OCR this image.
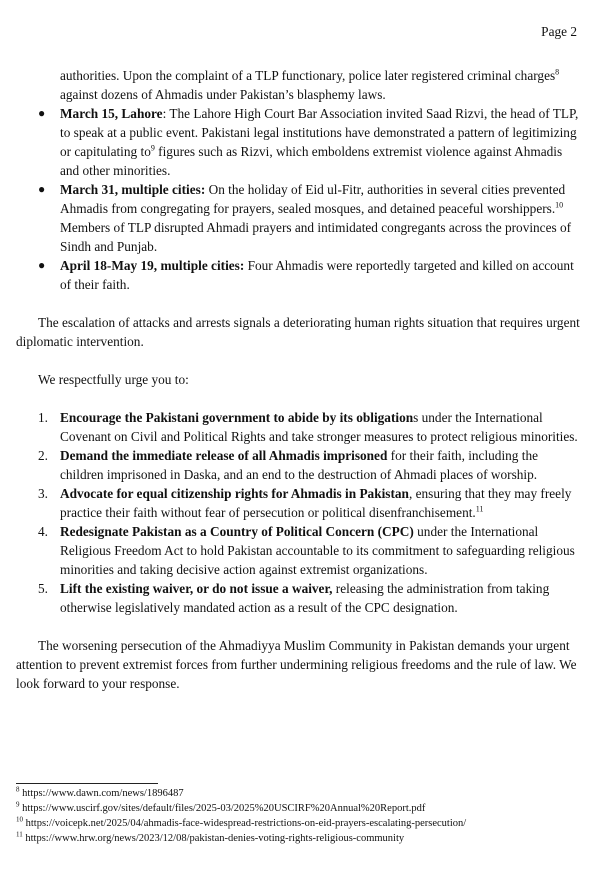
Page 2

authorities. Upon the complaint of a TLP functionary, police later registered criminal charges$^8$ against dozens of Ahmadis under Pakistan’s blasphemy laws.

● March 15, Lahore: The Lahore High Court Bar Association invited Saad Rizvi, the head of TLP, to speak at a public event. Pakistani legal institutions have demonstrated a pattern of legitimizing or capitulating $to^9$ figures such as Rizvi, which emboldens extremist violence against Ahmadis and other minorities.
● March 31, multiple cities: On the holiday of Eid ul-Fitr, authorities in several cities prevented Ahmadis from congregating for prayers, sealed mosques, and detained peaceful worshippers.$^{10}$ Members of TLP disrupted Ahmadi prayers and intimidated congregants across the provinces of Sindh and Punjab.
● April 18-May 19, multiple cities: Four Ahmadis were reportedly targeted and killed on account of their faith.

The escalation of attacks and arrests signals a deteriorating human rights situation that requires urgent diplomatic intervention.

We respectfully urge you to:

1. Encourage the Pakistani government to abide by its obligations under the International Covenant on Civil and Political Rights and take stronger measures to protect religious minorities.
2. Demand the immediate release of all Ahmadis imprisoned for their faith, including the children imprisoned in Daska, and an end to the destruction of Ahmadi places of worship.
3. Advocate for equal citizenship rights for Ahmadis in Pakistan, ensuring that they may freely practice their faith without fear of persecution or political disenfranchisement.$^{11}$
4. Redesignate Pakistan as a Country of Political Concern (CPC) under the International Religious Freedom Act to hold Pakistan accountable to its commitment to safeguarding religious minorities and taking decisive action against extremist organizations.
5. Lift the existing waiver, or do not issue a waiver, releasing the administration from taking otherwise legislatively mandated action as a result of the CPC designation.

The worsening persecution of the Ahmadiyya Muslim Community in Pakistan demands your urgent attention to prevent extremist forces from further undermining religious freedoms and the rule of law. We look forward to your response.

$^8$ https://www.dawn.com/news/1896487
$^9$ https://www.uscirf.gov/sites/default/files/2025-03/2025%20USCIRF%20Annual%20Report.pdf
$^{10}$ https://voicepk.net/2025/04/ahmadis-face-widespread-restrictions-on-eid-prayers-escalating-persecution/
$^{11}$ https://www.hrw.org/news/2023/12/08/pakistan-denies-voting-rights-religious-community
